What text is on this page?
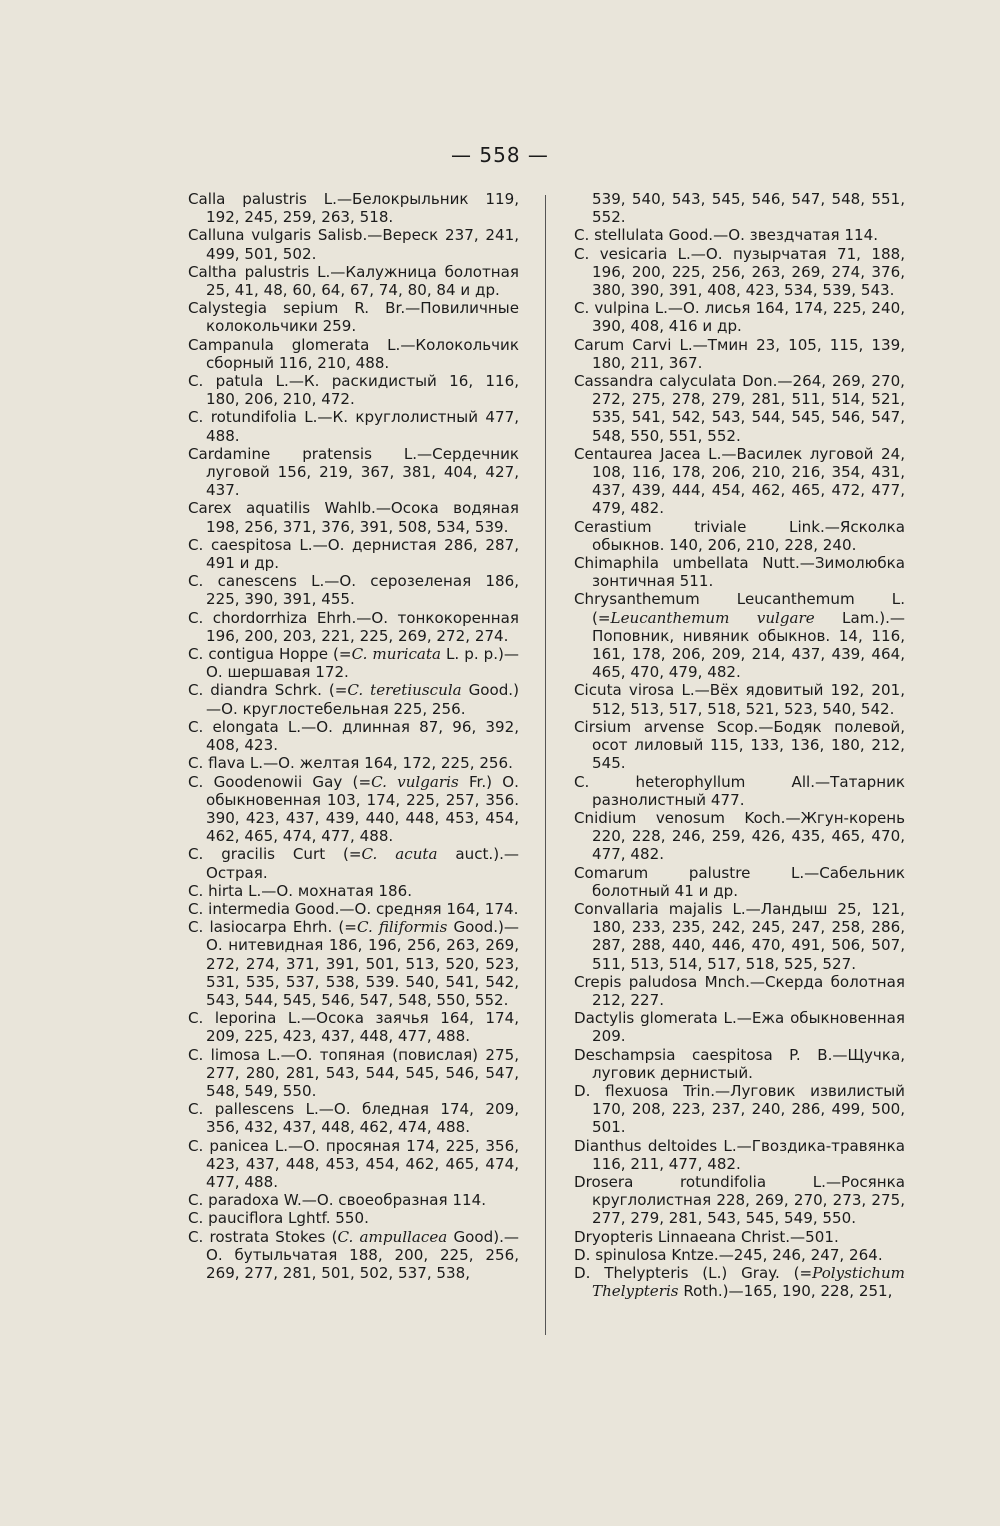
— 558 —

Calla palustris L.—Белокрыльник 119, 192, 245, 259, 263, 518.

Calluna vulgaris Salisb.—Вереск 237, 241, 499, 501, 502.

Caltha palustris L.—Калужница болотная 25, 41, 48, 60, 64, 67, 74, 80, 84 и др.

Calystegia sepium R. Br.—Повиличные колокольчики 259.

Campanula glomerata L.—Колокольчик сборный 116, 210, 488.

C. patula L.—К. раскидистый 16, 116, 180, 206, 210, 472.

C. rotundifolia L.—К. круглолистный 477, 488.

Cardamine pratensis L.—Сердечник луговой 156, 219, 367, 381, 404, 427, 437.

Carex aquatilis Wahlb.—Осока водяная 198, 256, 371, 376, 391, 508, 534, 539.

C. caespitosa L.—О. дернистая 286, 287, 491 и др.

C. canescens L.—О. серозеленая 186, 225, 390, 391, 455.

C. chordorrhiza Ehrh.—О. тонкокоренная 196, 200, 203, 221, 225, 269, 272, 274.

C. contigua Hoppe (=C. muricata L. p. p.)—О. шершавая 172.

C. diandra Schrk. (=C. teretiuscula Good.)—О. круглостебельная 225, 256.

C. elongata L.—О. длинная 87, 96, 392, 408, 423.

C. flava L.—О. желтая 164, 172, 225, 256.

C. Goodenowii Gay (=C. vulgaris Fr.) О. обыкновенная 103, 174, 225, 257, 356. 390, 423, 437, 439, 440, 448, 453, 454, 462, 465, 474, 477, 488.

C. gracilis Curt (=C. acuta auct.).— Острая.

C. hirta L.—О. мохнатая 186.

C. intermedia Good.—О. средняя 164, 174.

C. lasiocarpa Ehrh. (=C. filiformis Good.)—О. нитевидная 186, 196, 256, 263, 269, 272, 274, 371, 391, 501, 513, 520, 523, 531, 535, 537, 538, 539. 540, 541, 542, 543, 544, 545, 546, 547, 548, 550, 552.

C. leporina L.—Осока заячья 164, 174, 209, 225, 423, 437, 448, 477, 488.

C. limosa L.—О. топяная (повислая) 275, 277, 280, 281, 543, 544, 545, 546, 547, 548, 549, 550.

C. pallescens L.—О. бледная 174, 209, 356, 432, 437, 448, 462, 474, 488.

C. panicea L.—О. просяная 174, 225, 356, 423, 437, 448, 453, 454, 462, 465, 474, 477, 488.

C. paradoxa W.—О. своеобразная 114.

C. pauciflora Lghtf. 550.

C. rostrata Stokes (C. ampullacea Good).— О. бутыльчатая 188, 200, 225, 256, 269, 277, 281, 501, 502, 537, 538,

539, 540, 543, 545, 546, 547, 548, 551, 552.

C. stellulata Good.—О. звездчатая 114.

C. vesicaria L.—О. пузырчатая 71, 188, 196, 200, 225, 256, 263, 269, 274, 376, 380, 390, 391, 408, 423, 534, 539, 543.

C. vulpina L.—О. лисья 164, 174, 225, 240, 390, 408, 416 и др.

Carum Carvi L.—Тмин 23, 105, 115, 139, 180, 211, 367.

Cassandra calyculata Don.—264, 269, 270, 272, 275, 278, 279, 281, 511, 514, 521, 535, 541, 542, 543, 544, 545, 546, 547, 548, 550, 551, 552.

Centaurea Jacea L.—Василек луговой 24, 108, 116, 178, 206, 210, 216, 354, 431, 437, 439, 444, 454, 462, 465, 472, 477, 479, 482.

Cerastium triviale Link.—Ясколка обыкнов. 140, 206, 210, 228, 240.

Chimaphila umbellata Nutt.—Зимолюбка зонтичная 511.

Chrysanthemum Leucanthemum L. (=Leucanthemum vulgare Lam.).—Поповник, нивяник обыкнов. 14, 116, 161, 178, 206, 209, 214, 437, 439, 464, 465, 470, 479, 482.

Cicuta virosa L.—Вёх ядовитый 192, 201, 512, 513, 517, 518, 521, 523, 540, 542.

Cirsium arvense Scop.—Бодяк полевой, осот лиловый 115, 133, 136, 180, 212, 545.

C. heterophyllum All.—Татарник разнолистный 477.

Cnidium venosum Koch.—Жгун-корень 220, 228, 246, 259, 426, 435, 465, 470, 477, 482.

Comarum palustre L.—Сабельник болотный 41 и др.

Convallaria majalis L.—Ландыш 25, 121, 180, 233, 235, 242, 245, 247, 258, 286, 287, 288, 440, 446, 470, 491, 506, 507, 511, 513, 514, 517, 518, 525, 527.

Crepis paludosa Mnch.—Скерда болотная 212, 227.

Dactylis glomerata L.—Ежа обыкновенная 209.

Deschampsia caespitosa P. B.—Щучка, луговик дернистый.

D. flexuosa Trin.—Луговик извилистый 170, 208, 223, 237, 240, 286, 499, 500, 501.

Dianthus deltoides L.—Гвоздика-травянка 116, 211, 477, 482.

Drosera rotundifolia L.—Росянка круглолистная 228, 269, 270, 273, 275, 277, 279, 281, 543, 545, 549, 550.

Dryopteris Linnaeana Christ.—501.

D. spinulosa Kntze.—245, 246, 247, 264.

D. Thelypteris (L.) Gray. (=Polystichum Thelypteris Roth.)—165, 190, 228, 251,
